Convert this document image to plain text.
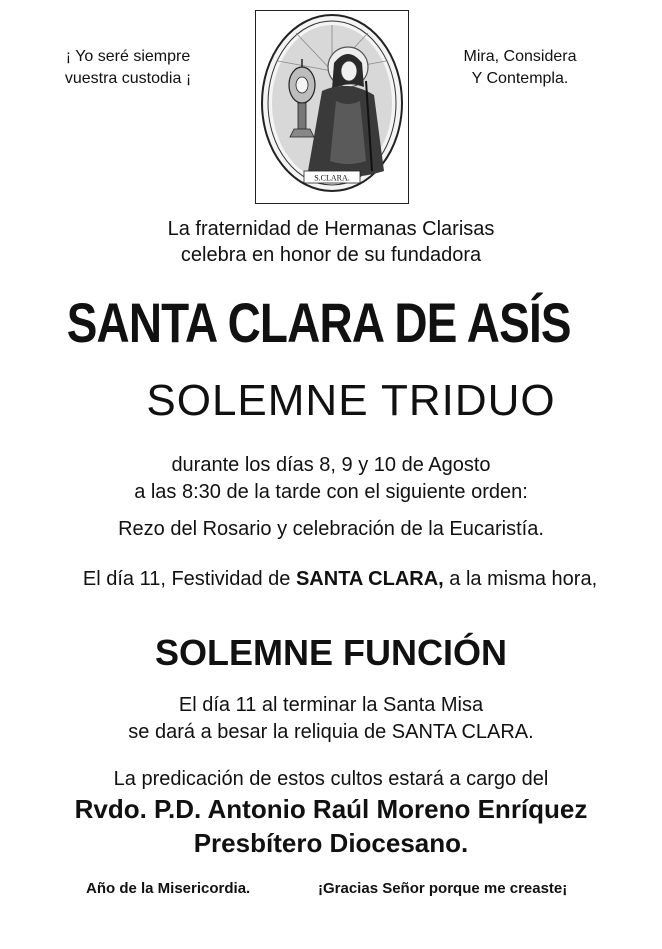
¡ Yo seré siempre
vuestra custodia ¡
S.CLARA.
Mira, Considera
Y Contempla.
La fraternidad de Hermanas Clarisas
celebra en honor de su fundadora
SANTA CLARA DE ASÍS
SOLEMNE TRIDUO
durante los días 8, 9 y 10 de Agosto
a las 8:30 de la tarde con el siguiente orden:
Rezo del Rosario y celebración de la Eucaristía.
El día 11, Festividad de SANTA CLARA, a la misma hora,
SOLEMNE FUNCIÓN
El día 11 al terminar la Santa Misa
se dará a besar la reliquia de SANTA CLARA.
La predicación de estos cultos estará a cargo del
Rvdo. P.D. Antonio Raúl Moreno Enríquez
Presbítero Diocesano.
Año de la Misericordia.	¡Gracias Señor porque me creaste¡
